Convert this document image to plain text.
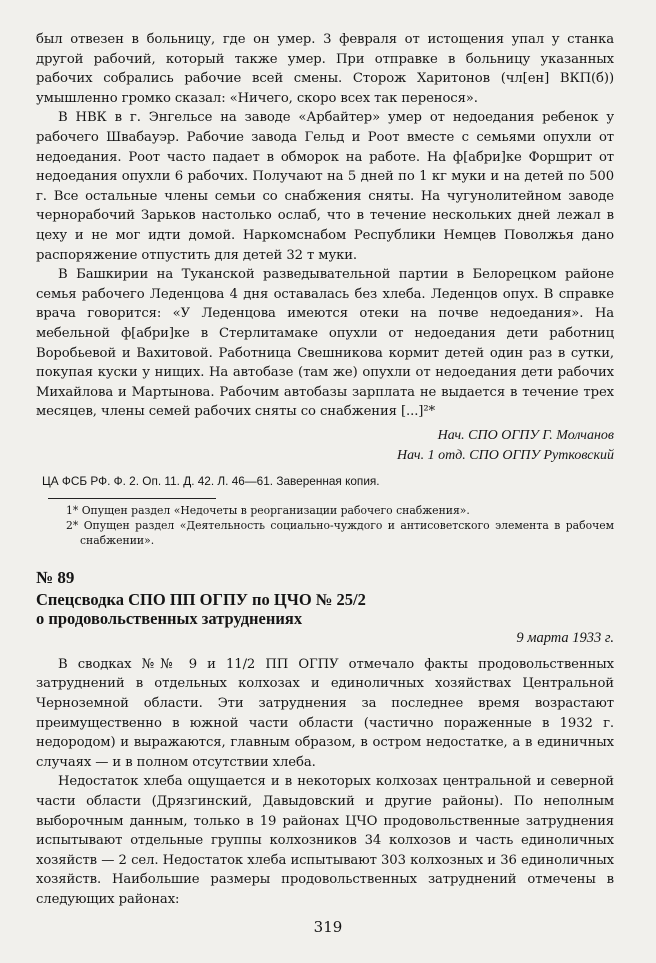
был отвезен в больницу, где он умер. 3 февраля от истощения упал у станка другой рабочий, который также умер. При отправке в больницу указанных рабочих собрались рабочие всей смены. Сторож Харитонов (чл[ен] ВКП(б)) умышленно громко сказал: «Ничего, скоро всех так перенося».

В НВК в г. Энгельсе на заводе «Арбайтер» умер от недоедания ребенок у рабочего Швабауэр. Рабочие завода Гельд и Роот вместе с семьями опухли от недоедания. Роот часто падает в обморок на работе. На ф[абри]ке Форшрит от недоедания опухли 6 рабочих. Получают на 5 дней по 1 кг муки и на детей по 500 г. Все остальные члены семьи со снабжения сняты. На чугунолитейном заводе чернорабочий Зарьков настолько ослаб, что в течение нескольких дней лежал в цеху и не мог идти домой. Наркомснабом Республики Немцев Поволжья дано распоряжение отпустить для детей 32 т муки.

В Башкирии на Туканской разведывательной партии в Белорецком районе семья рабочего Леденцова 4 дня оставалась без хлеба. Леденцов опух. В справке врача говорится: «У Леденцова имеются отеки на почве недоедания». На мебельной ф[абри]ке в Стерлитамаке опухли от недоедания дети работниц Воробьевой и Вахитовой. Работница Свешникова кормит детей один раз в сутки, покупая куски у нищих. На автобазе (там же) опухли от недоедания дети рабочих Михайлова и Мартынова. Рабочим автобазы зарплата не выдается в течение трех месяцев, члены семей рабочих сняты со снабжения [...]²*

Нач. СПО ОГПУ Г. Молчанов

Нач. 1 отд. СПО ОГПУ Рутковский

ЦА ФСБ РФ. Ф. 2. Оп. 11. Д. 42. Л. 46—61. Заверенная копия.

1* Опущен раздел «Недочеты в реорганизации рабочего снабжения».

2* Опущен раздел «Деятельность социально-чуждого и антисоветского элемента в рабочем снабжении».

№ 89
Спецсводка СПО ПП ОГПУ по ЦЧО № 25/2
о продовольственных затруднениях
9 марта 1933 г.

В сводках №№ 9 и 11/2 ПП ОГПУ отмечало факты продовольственных затруднений в отдельных колхозах и единоличных хозяйствах Центральной Черноземной области. Эти затруднения за последнее время возрастают преимущественно в южной части области (частично пораженные в 1932 г. недородом) и выражаются, главным образом, в остром недостатке, а в единичных случаях — и в полном отсутствии хлеба.

Недостаток хлеба ощущается и в некоторых колхозах центральной и северной части области (Дрязгинский, Давыдовский и другие районы). По неполным выборочным данным, только в 19 районах ЦЧО продовольственные затруднения испытывают отдельные группы колхозников 34 колхозов и часть единоличных хозяйств — 2 сел. Недостаток хлеба испытывают 303 колхозных и 36 единоличных хозяйств. Наибольшие размеры продовольственных затруднений отмечены в следующих районах:

319
